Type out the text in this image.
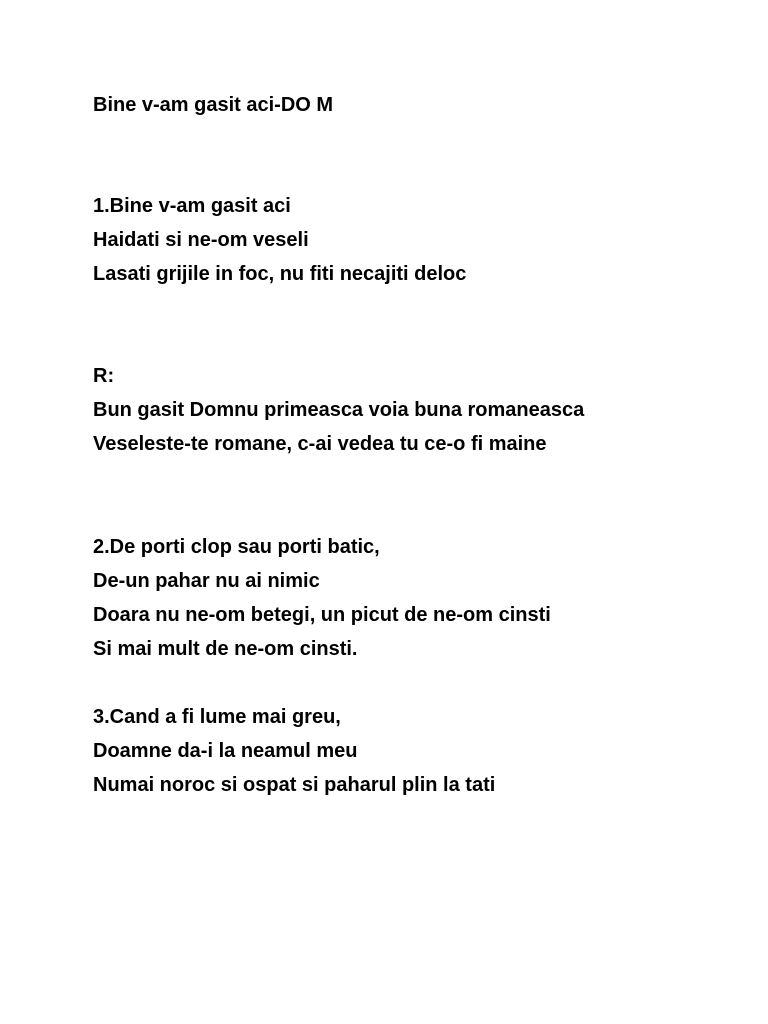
Bine v-am gasit aci-DO M

1.Bine v-am gasit aci

Haidati si ne-om veseli

Lasati grijile in foc, nu fiti necajiti deloc

R:

Bun gasit Domnu primeasca voia buna romaneasca

Veseleste-te romane, c-ai vedea tu ce-o fi maine

2.De porti clop sau porti batic,

De-un pahar nu ai nimic

Doara nu ne-om betegi, un picut de ne-om cinsti

Si mai mult de ne-om cinsti.

3.Cand a fi lume mai greu,

Doamne da-i la neamul meu

Numai noroc si ospat si paharul plin la tati
